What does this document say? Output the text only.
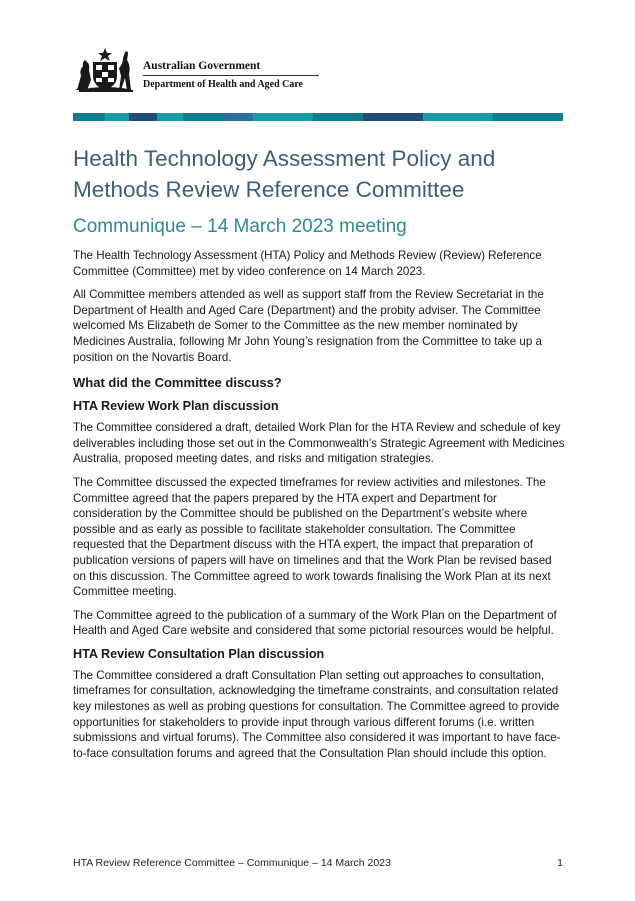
Australian Government
Department of Health and Aged Care
Health Technology Assessment Policy and Methods Review Reference Committee
Communique – 14 March 2023 meeting

The Health Technology Assessment (HTA) Policy and Methods Review (Review) Reference Committee (Committee) met by video conference on 14 March 2023.

All Committee members attended as well as support staff from the Review Secretariat in the Department of Health and Aged Care (Department) and the probity adviser. The Committee welcomed Ms Elizabeth de Somer to the Committee as the new member nominated by Medicines Australia, following Mr John Young’s resignation from the Committee to take up a position on the Novartis Board.

What did the Committee discuss?
HTA Review Work Plan discussion

The Committee considered a draft, detailed Work Plan for the HTA Review and schedule of key deliverables including those set out in the Commonwealth’s Strategic Agreement with Medicines Australia, proposed meeting dates, and risks and mitigation strategies.

The Committee discussed the expected timeframes for review activities and milestones. The Committee agreed that the papers prepared by the HTA expert and Department for consideration by the Committee should be published on the Department’s website where possible and as early as possible to facilitate stakeholder consultation. The Committee requested that the Department discuss with the HTA expert, the impact that preparation of publication versions of papers will have on timelines and that the Work Plan be revised based on this discussion. The Committee agreed to work towards finalising the Work Plan at its next Committee meeting.

The Committee agreed to the publication of a summary of the Work Plan on the Department of Health and Aged Care website and considered that some pictorial resources would be helpful.

HTA Review Consultation Plan discussion

The Committee considered a draft Consultation Plan setting out approaches to consultation, timeframes for consultation, acknowledging the timeframe constraints, and consultation related key milestones as well as probing questions for consultation. The Committee agreed to provide opportunities for stakeholders to provide input through various different forums (i.e. written submissions and virtual forums). The Committee also considered it was important to have face-to-face consultation forums and agreed that the Consultation Plan should include this option.

HTA Review Reference Committee – Communique – 14 March 2023	1
